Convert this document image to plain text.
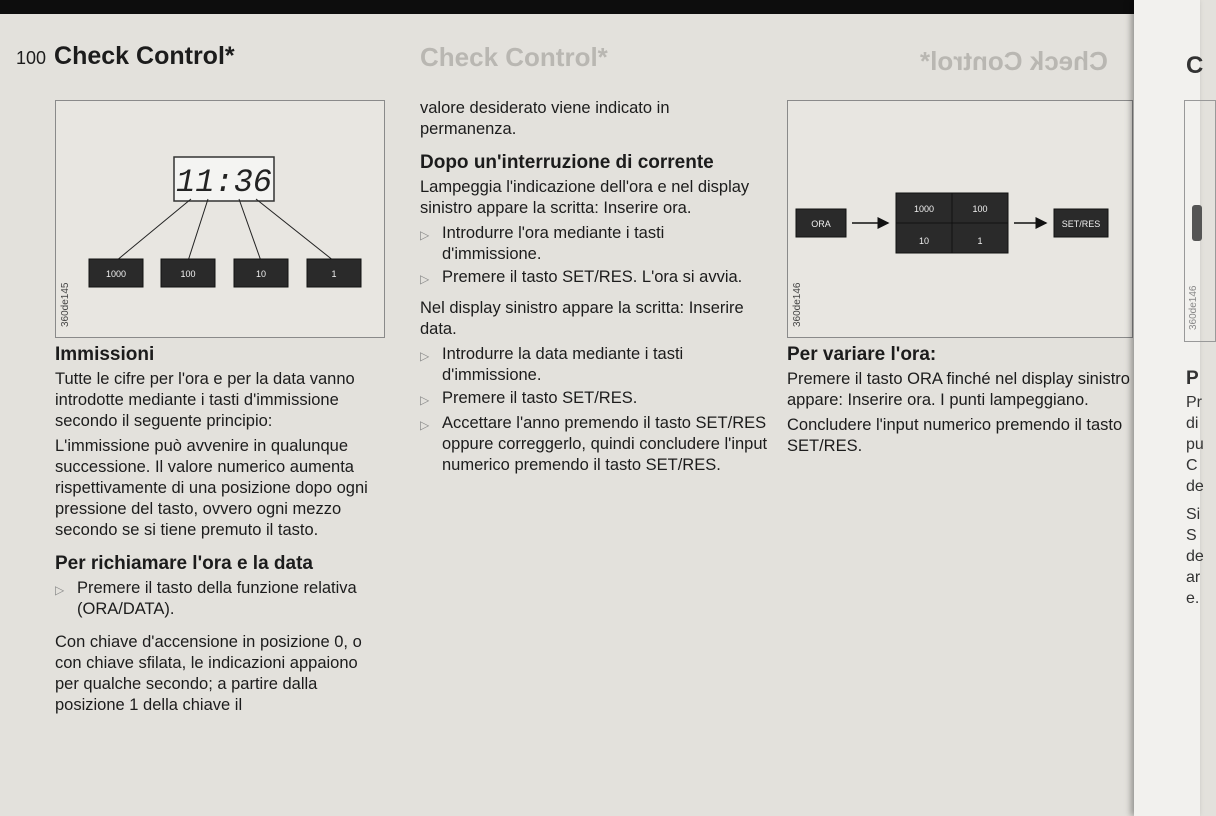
Check Control*	Check Control*
100 Check Control*
11:36
1000	100	10	1
360de145
Immissioni

Tutte le cifre per l'ora e per la data vanno introdotte mediante i tasti d'immissione secondo il seguente principio:

L'immissione può avvenire in qualunque successione. Il valore numerico aumenta rispettivamente di una posizione dopo ogni pressione del tasto, ovvero ogni mezzo secondo se si tiene premuto il tasto.

Per richiamare l'ora e la data
▷ Premere il tasto della funzione relativa (ORA/DATA).

Con chiave d'accensione in posizione 0, o con chiave sfilata, le indicazioni appaiono per qualche secondo; a partire dalla posizione 1 della chiave il

valore desiderato viene indicato in permanenza.

Dopo un'interruzione di corrente

Lampeggia l'indicazione dell'ora e nel display sinistro appare la scritta: Inserire ora.

▷ Introdurre l'ora mediante i tasti d'immissione.
▷ Premere il tasto SET/RES. L'ora si avvia.

Nel display sinistro appare la scritta: Inserire data.

▷ Introdurre la data mediante i tasti d'immissione.
▷ Premere il tasto SET/RES.
▷ Accettare l'anno premendo il tasto SET/RES oppure correggerlo, quindi concludere l'input numerico premendo il tasto SET/RES.
ORA
1000	100
10	1
SET/RES
360de146
Per variare l'ora:

Premere il tasto ORA finché nel display sinistro appare: Inserire ora. I punti lampeggiano.

Concludere l'input numerico premendo il tasto SET/RES.

360de146
C
P
Pr
di
pu
C
de
Si
S
de
ar
e.
